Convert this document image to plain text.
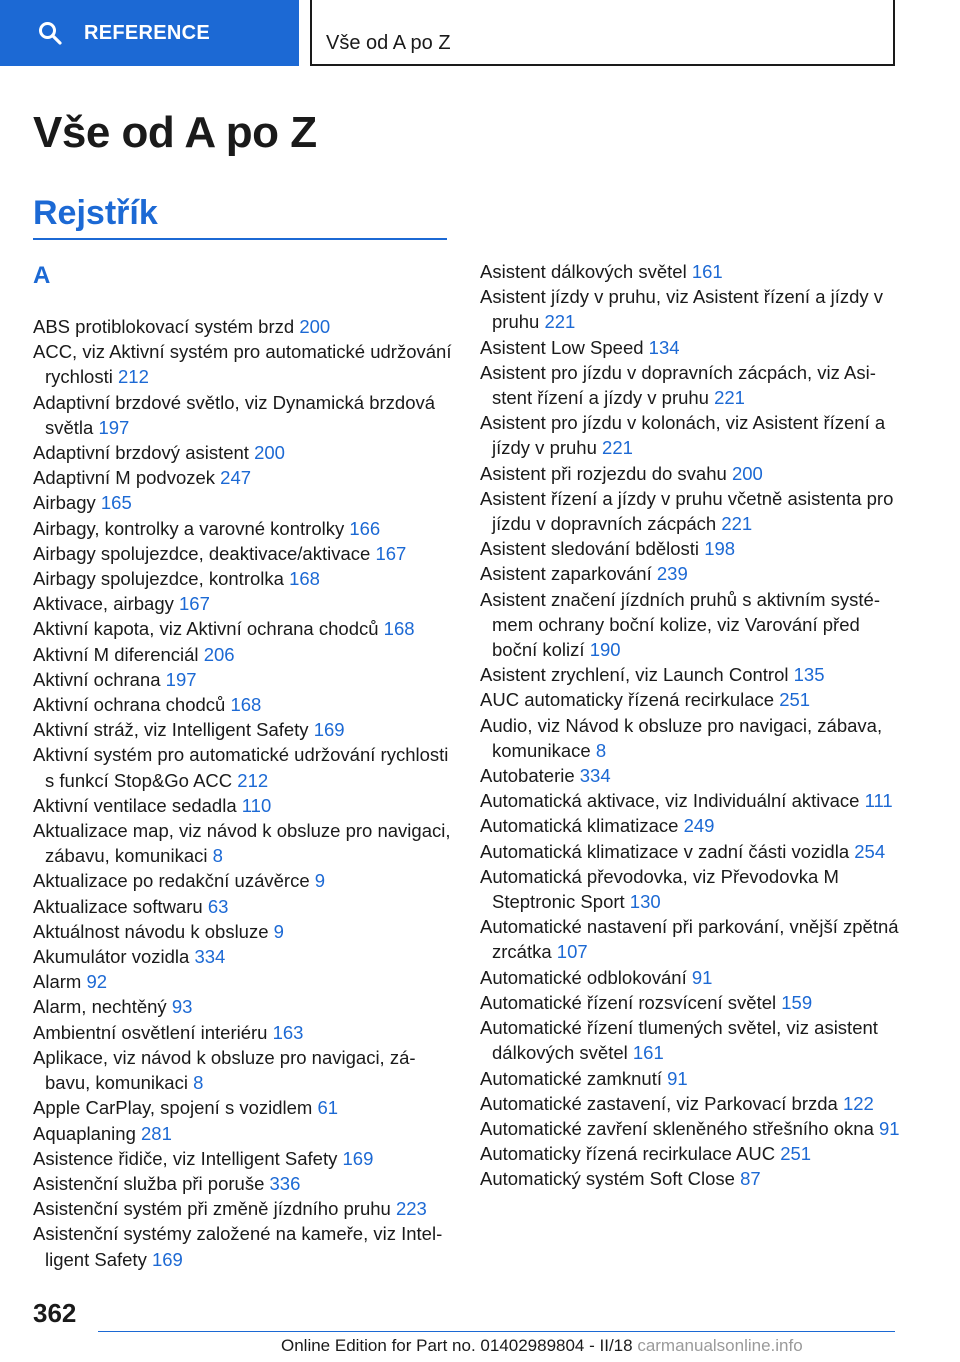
REFERENCE	Vše od A po Z
Vše od A po Z
Rejstřík
A

ABS protiblokovací systém brzd 200

ACC, viz Aktivní systém pro automatické udržování rychlosti 212

Adaptivní brzdové světlo, viz Dynamická brzdová světla 197

Adaptivní brzdový asistent 200

Adaptivní M podvozek 247

Airbagy 165

Airbagy, kontrolky a varovné kontrolky 166

Airbagy spolujezdce, deaktivace/aktivace 167

Airbagy spolujezdce, kontrolka 168

Aktivace, airbagy 167

Aktivní kapota, viz Aktivní ochrana chodců 168

Aktivní M diferenciál 206

Aktivní ochrana 197

Aktivní ochrana chodců 168

Aktivní stráž, viz Intelligent Safety 169

Aktivní systém pro automatické udržování rychlosti s funkcí Stop&Go ACC 212

Aktivní ventilace sedadla 110

Aktualizace map, viz návod k obsluze pro navigaci, zábavu, komunikaci 8

Aktualizace po redakční uzávěrce 9

Aktualizace softwaru 63

Aktuálnost návodu k obsluze 9

Akumulátor vozidla 334

Alarm 92

Alarm, nechtěný 93

Ambientní osvětlení interiéru 163

Aplikace, viz návod k obsluze pro navigaci, zábavu, komunikaci 8

Apple CarPlay, spojení s vozidlem 61

Aquaplaning 281

Asistence řidiče, viz Intelligent Safety 169

Asistenční služba při poruše 336

Asistenční systém při změně jízdního pruhu 223

Asistenční systémy založené na kameře, viz Intelligent Safety 169

Asistent dálkových světel 161

Asistent jízdy v pruhu, viz Asistent řízení a jízdy v pruhu 221

Asistent Low Speed 134

Asistent pro jízdu v dopravních zácpách, viz Asistent řízení a jízdy v pruhu 221

Asistent pro jízdu v kolonách, viz Asistent řízení a jízdy v pruhu 221

Asistent při rozjezdu do svahu 200

Asistent řízení a jízdy v pruhu včetně asistenta pro jízdu v dopravních zácpách 221

Asistent sledování bdělosti 198

Asistent zaparkování 239

Asistent značení jízdních pruhů s aktivním systémem ochrany boční kolize, viz Varování před boční kolizí 190

Asistent zrychlení, viz Launch Control 135

AUC automaticky řízená recirkulace 251

Audio, viz Návod k obsluze pro navigaci, zábava, komunikace 8

Autobaterie 334

Automatická aktivace, viz Individuální aktivace 111

Automatická klimatizace 249

Automatická klimatizace v zadní části vozidla 254

Automatická převodovka, viz Převodovka M Steptronic Sport 130

Automatické nastavení při parkování, vnější zpětná zrcátka 107

Automatické odblokování 91

Automatické řízení rozsvícení světel 159

Automatické řízení tlumených světel, viz asistent dálkových světel 161

Automatické zamknutí 91

Automatické zastavení, viz Parkovací brzda 122

Automatické zavření skleněného střešního okna 91

Automaticky řízená recirkulace AUC 251

Automatický systém Soft Close 87

362
Online Edition for Part no. 01402989804 - II/18 carmanualsonline.info
